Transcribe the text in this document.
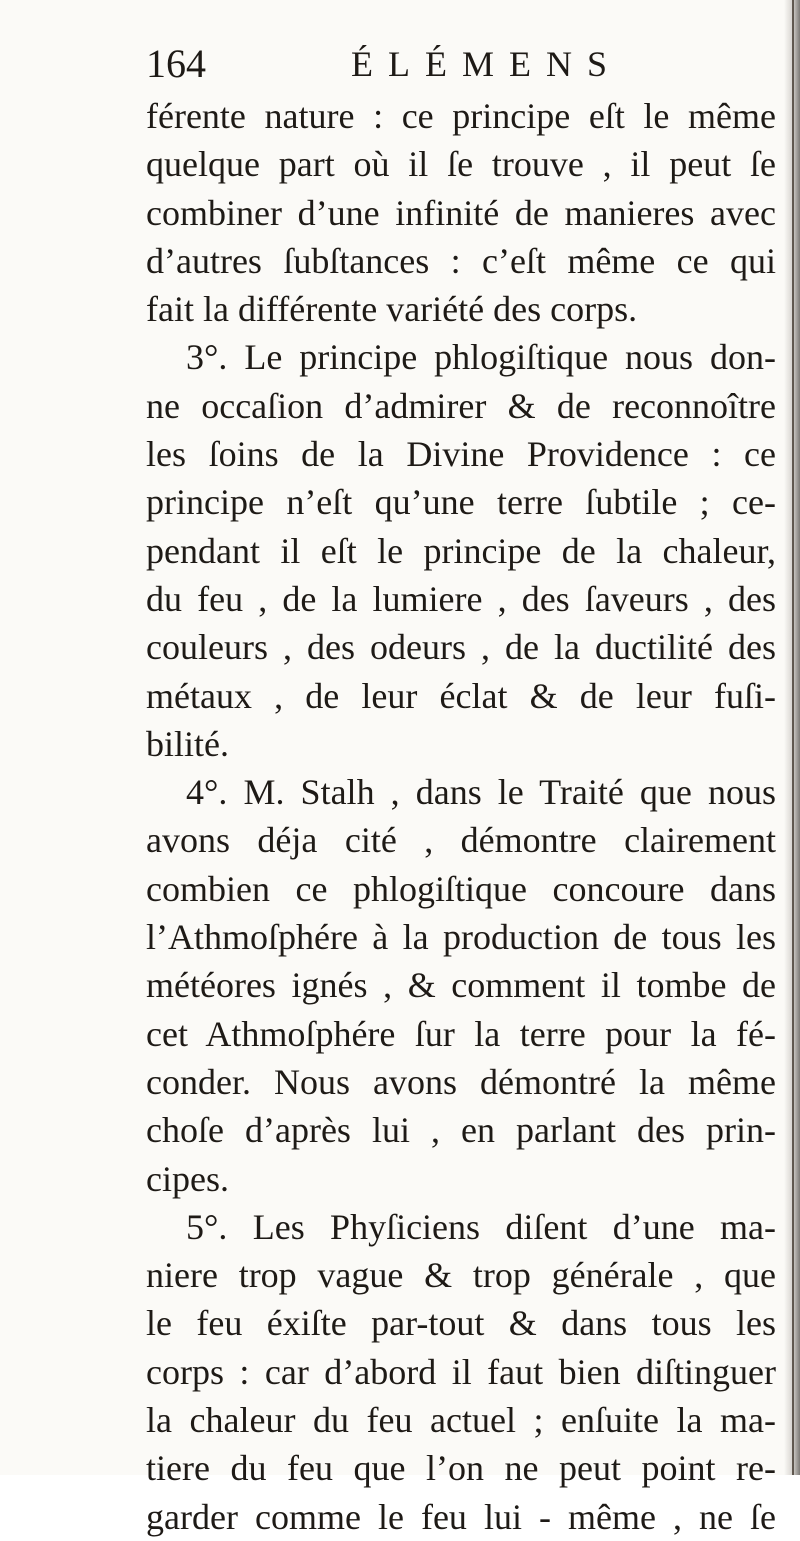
164	ÉLÉMENS
férente nature : ce principe eſt le même
quelque part où il ſe trouve , il peut ſe
combiner d’une infinité de manieres avec
d’autres ſubſtances : c’eſt même ce qui
fait la différente variété des corps.
3°. Le principe phlogiſtique nous don-
ne occaſion d’admirer & de reconnoître
les ſoins de la Divine Providence : ce
principe n’eſt qu’une terre ſubtile ; ce-
pendant il eſt le principe de la chaleur,
du feu , de la lumiere , des ſaveurs , des
couleurs , des odeurs , de la ductilité des
métaux , de leur éclat & de leur fuſi-
bilité.
4°. M. Stalh , dans le Traité que nous
avons déja cité , démontre clairement
combien ce phlogiſtique concoure dans
l’Athmoſphére à la production de tous les
météores ignés , & comment il tombe de
cet Athmoſphére ſur la terre pour la fé-
conder. Nous avons démontré la même
choſe d’après lui , en parlant des prin-
cipes.
5°. Les Phyſiciens diſent d’une ma-
niere trop vague & trop générale , que
le feu éxiſte par-tout & dans tous les
corps : car d’abord il faut bien diſtinguer
la chaleur du feu actuel ; enſuite la ma-
tiere du feu que l’on ne peut point re-
garder comme le feu lui - même , ne ſe
